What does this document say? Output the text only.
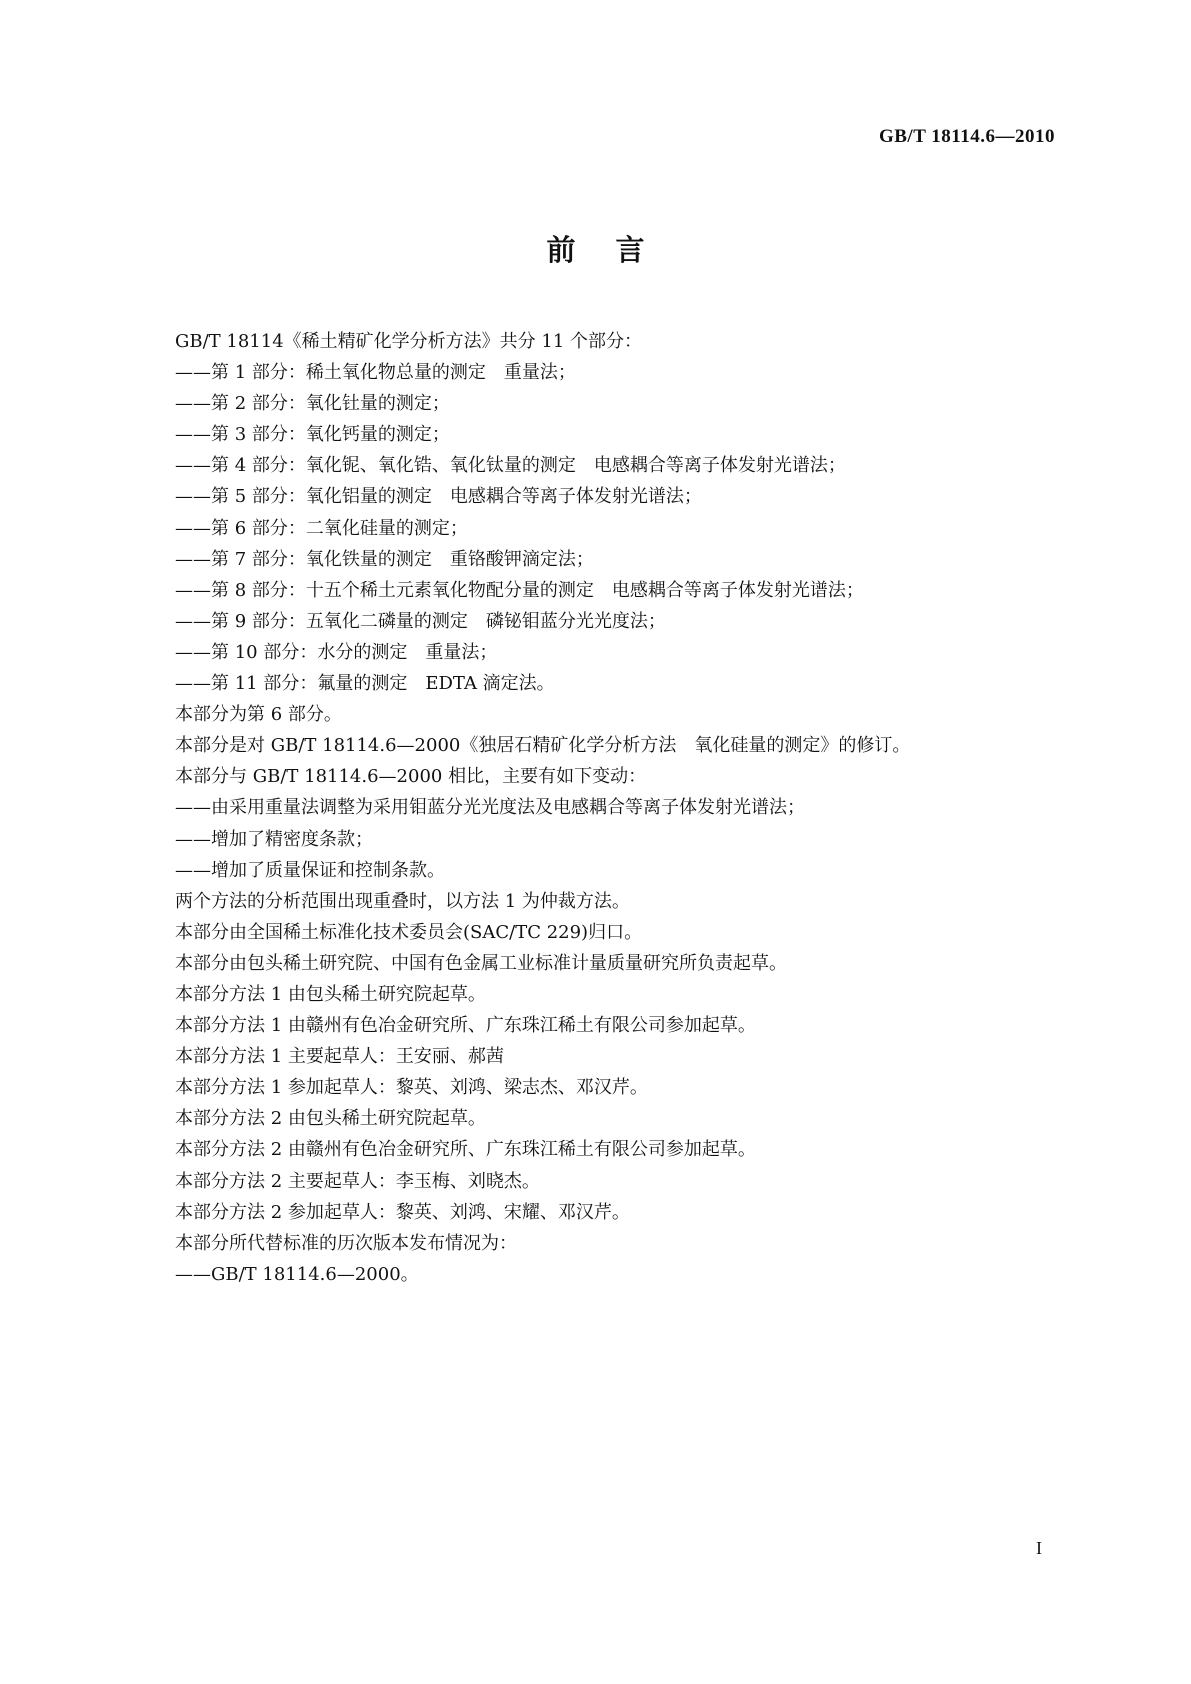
GB/T 18114.6—2010
前言
GB/T 18114《稀土精矿化学分析方法》共分 11 个部分：
——第 1 部分：稀土氧化物总量的测定　重量法；
——第 2 部分：氧化钍量的测定；
——第 3 部分：氧化钙量的测定；
——第 4 部分：氧化铌、氧化锆、氧化钛量的测定　电感耦合等离子体发射光谱法；
——第 5 部分：氧化铝量的测定　电感耦合等离子体发射光谱法；
——第 6 部分：二氧化硅量的测定；
——第 7 部分：氧化铁量的测定　重铬酸钾滴定法；
——第 8 部分：十五个稀土元素氧化物配分量的测定　电感耦合等离子体发射光谱法；
——第 9 部分：五氧化二磷量的测定　磷铋钼蓝分光光度法；
——第 10 部分：水分的测定　重量法；
——第 11 部分：氟量的测定　EDTA 滴定法。
本部分为第 6 部分。
本部分是对 GB/T 18114.6—2000《独居石精矿化学分析方法　氧化硅量的测定》的修订。
本部分与 GB/T 18114.6—2000 相比，主要有如下变动：
——由采用重量法调整为采用钼蓝分光光度法及电感耦合等离子体发射光谱法；
——增加了精密度条款；
——增加了质量保证和控制条款。
两个方法的分析范围出现重叠时，以方法 1 为仲裁方法。
本部分由全国稀土标准化技术委员会(SAC/TC 229)归口。
本部分由包头稀土研究院、中国有色金属工业标准计量质量研究所负责起草。
本部分方法 1 由包头稀土研究院起草。
本部分方法 1 由赣州有色冶金研究所、广东珠江稀土有限公司参加起草。
本部分方法 1 主要起草人：王安丽、郝茜
本部分方法 1 参加起草人：黎英、刘鸿、梁志杰、邓汉芹。
本部分方法 2 由包头稀土研究院起草。
本部分方法 2 由赣州有色冶金研究所、广东珠江稀土有限公司参加起草。
本部分方法 2 主要起草人：李玉梅、刘晓杰。
本部分方法 2 参加起草人：黎英、刘鸿、宋耀、邓汉芹。
本部分所代替标准的历次版本发布情况为：
——GB/T 18114.6—2000。
I
